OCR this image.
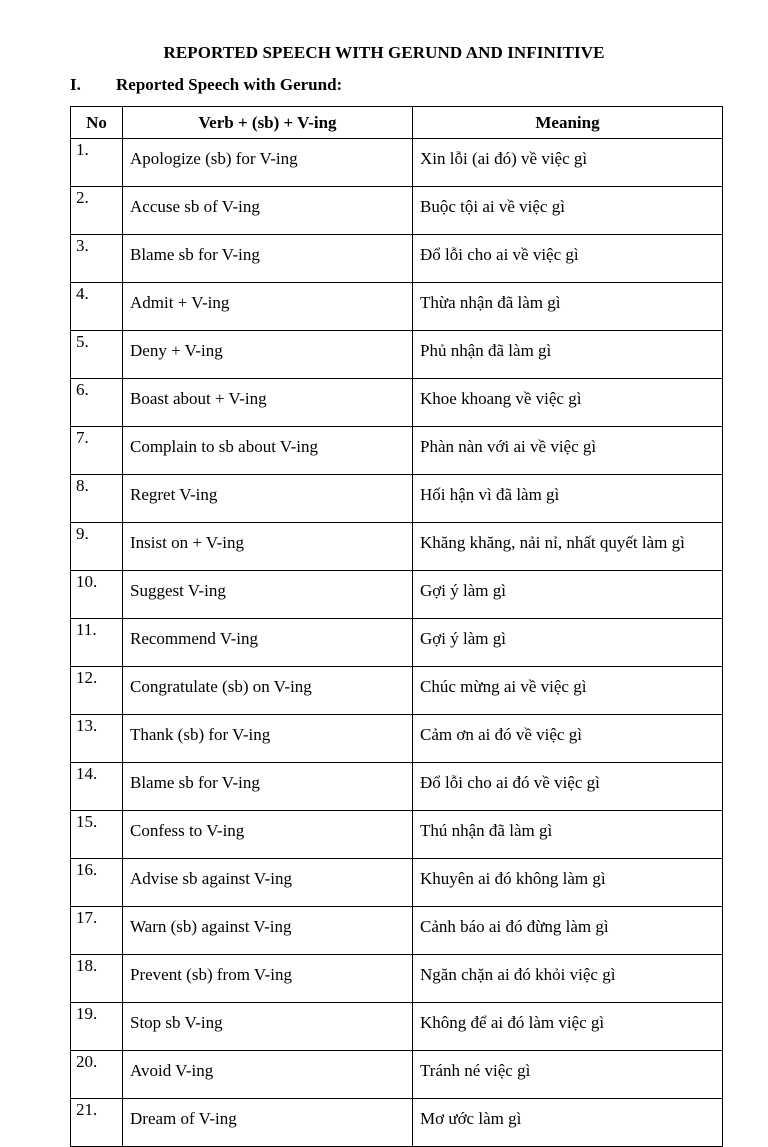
REPORTED SPEECH WITH GERUND AND INFINITIVE
I. Reported Speech with Gerund:
No	Verb + (sb) + V-ing	Meaning
1.	Apologize (sb) for V-ing	Xin lỗi (ai đó) về việc gì
2.	Accuse sb of V-ing	Buộc tội ai về việc gì
3.	Blame sb for V-ing	Đổ lỗi cho ai về việc gì
4.	Admit + V-ing	Thừa nhận đã làm gì
5.	Deny + V-ing	Phủ nhận đã làm gì
6.	Boast about + V-ing	Khoe khoang về việc gì
7.	Complain to sb about V-ing	Phàn nàn với ai về việc gì
8.	Regret V-ing	Hối hận vì đã làm gì
9.	Insist on + V-ing	Khăng khăng, nải nỉ, nhất quyết làm gì
10.	Suggest V-ing	Gợi ý làm gì
11.	Recommend V-ing	Gợi ý làm gì
12.	Congratulate (sb) on V-ing	Chúc mừng ai về việc gì
13.	Thank (sb) for V-ing	Cảm ơn ai đó về việc gì
14.	Blame sb for V-ing	Đổ lỗi cho ai đó về việc gì
15.	Confess to V-ing	Thú nhận đã làm gì
16.	Advise sb against V-ing	Khuyên ai đó không làm gì
17.	Warn (sb) against V-ing	Cảnh báo ai đó đừng làm gì
18.	Prevent (sb) from V-ing	Ngăn chặn ai đó khỏi việc gì
19.	Stop sb V-ing	Không để ai đó làm việc gì
20.	Avoid V-ing	Tránh né việc gì
21.	Dream of V-ing	Mơ ước làm gì
